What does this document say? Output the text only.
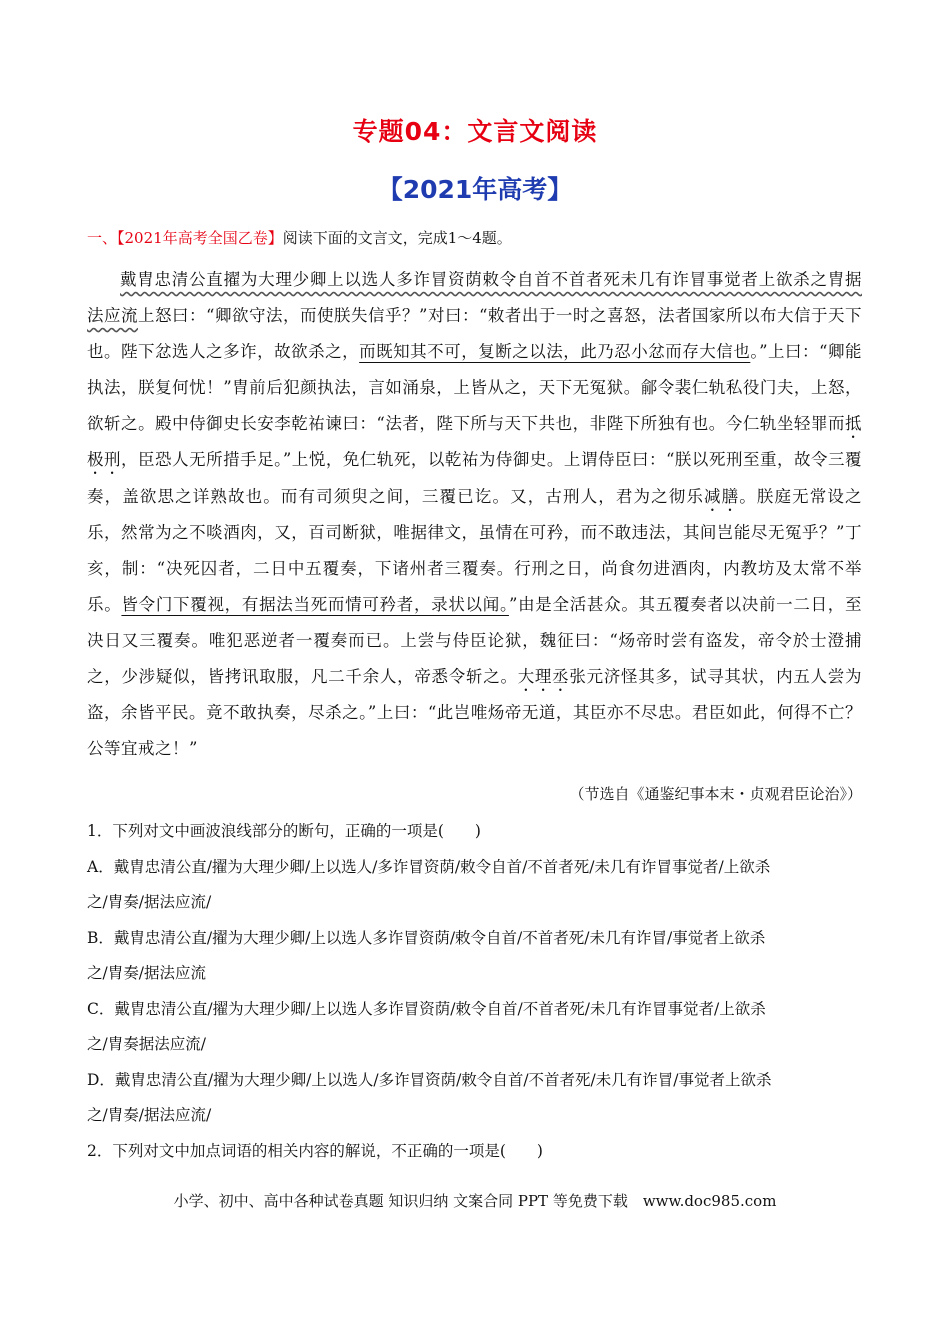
专题04：文言文阅读
【2021年高考】
一、【2021年高考全国乙卷】阅读下面的文言文，完成1～4题。

戴胄忠清公直擢为大理少卿上以选人多诈冒资荫敕令自首不首者死未几有诈冒事觉者上欲杀之胄据法应流上怒曰：“卿欲守法，而使朕失信乎？”对曰：“敕者出于一时之喜怒，法者国家所以布大信于天下也。陛下忿选人之多诈，故欲杀之，而既知其不可，复断之以法，此乃忍小忿而存大信也。”上曰：“卿能执法，朕复何忧！”胄前后犯颜执法，言如涌泉，上皆从之，天下无冤狱。鄃令裴仁轨私役门夫，上怒，欲斩之。殿中侍御史长安李乾祐谏曰：“法者，陛下所与天下共也，非陛下所独有也。今仁轨坐轻罪而抵极刑，臣恐人无所措手足。”上悦，免仁轨死，以乾祐为侍御史。上谓侍臣曰：“朕以死刑至重，故令三覆奏，盖欲思之详熟故也。而有司须臾之间，三覆已讫。又，古刑人，君为之彻乐减膳。朕庭无常设之乐，然常为之不啖酒肉，又，百司断狱，唯据律文，虽情在可矜，而不敢违法，其间岂能尽无冤乎？”丁亥，制：“决死囚者，二日中五覆奏，下诸州者三覆奏。行刑之日，尚食勿进酒肉，内教坊及太常不举乐。皆令门下覆视，有据法当死而情可矜者，录状以闻。”由是全活甚众。其五覆奏者以决前一二日，至决日又三覆奏。唯犯恶逆者一覆奏而已。上尝与侍臣论狱，魏征曰：“炀帝时尝有盗发，帝令於士澄捕之，少涉疑似，皆拷讯取服，凡二千余人，帝悉令斩之。大理丞张元济怪其多，试寻其状，内五人尝为盗，余皆平民。竟不敢执奏，尽杀之。”上曰：“此岂唯炀帝无道，其臣亦不尽忠。君臣如此，何得不亡？公等宜戒之！”

（节选自《通鉴纪事本末・贞观君臣论治》）
1．下列对文中画波浪线部分的断句，正确的一项是(　　)
A．戴胄忠清公直/擢为大理少卿/上以选人/多诈冒资荫/敕令自首/不首者死/未几有诈冒事觉者/上欲杀
之/胄奏/据法应流/
B．戴胄忠清公直/擢为大理少卿/上以选人多诈冒资荫/敕令自首/不首者死/未几有诈冒/事觉者上欲杀
之/胄奏/据法应流
C．戴胄忠清公直/擢为大理少卿/上以选人多诈冒资荫/敕令自首/不首者死/未几有诈冒事觉者/上欲杀
之/胄奏据法应流/
D．戴胄忠清公直/擢为大理少卿/上以选人/多诈冒资荫/敕令自首/不首者死/未几有诈冒/事觉者上欲杀
之/胄奏/据法应流/
2．下列对文中加点词语的相关内容的解说，不正确的一项是(　　)
小学、初中、高中各种试卷真题 知识归纳 文案合同 PPT 等免费下载　www.doc985.com
